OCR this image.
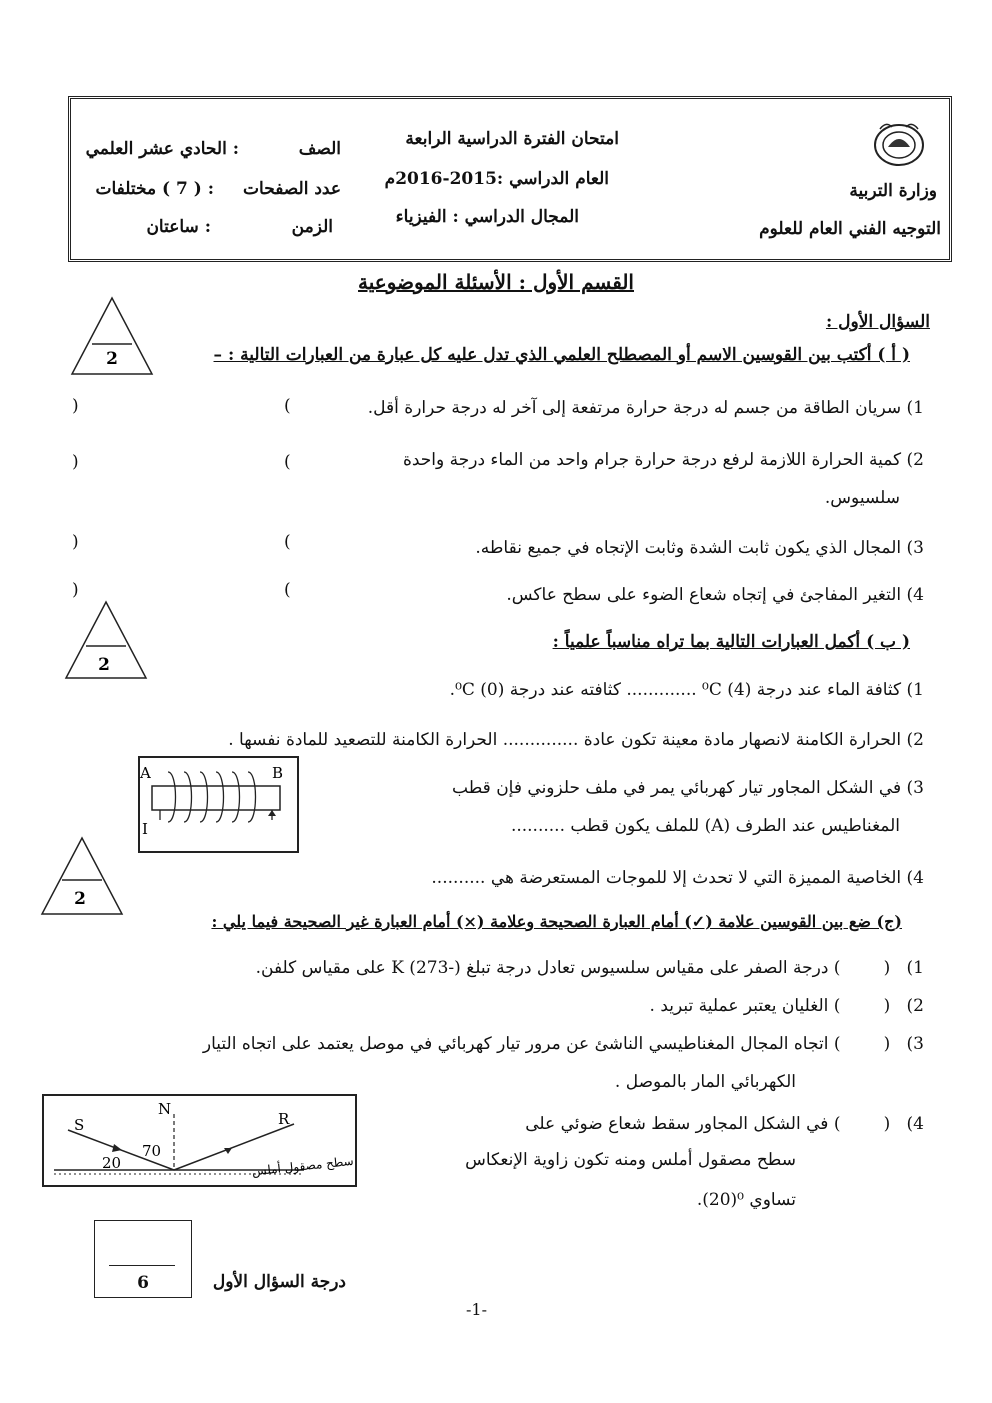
وزارة التربية
التوجيه الفني العام للعلوم
امتحان الفترة الدراسية الرابعة
العام الدراسي :2015-2016م
المجال الدراسي : الفيزياء
الصف
: الحادي عشر العلمي
عدد الصفحات
: ( 7 ) مختلفات
الزمن
: ساعتان
القسم الأول : الأسئلة الموضوعية
السؤال الأول :
2	( أ ) أكتب بين القوسين الاسم أو المصطلح العلمي الذي تدل عليه كل عبارة من العبارات التالية : –
1) سريان الطاقة من جسم له درجة حرارة مرتفعة إلى آخر له درجة حرارة أقل.
)                                      (
2) كمية الحرارة اللازمة لرفع درجة حرارة جرام واحد من الماء درجة واحدة
سلسيوس.
)                                      (
3) المجال الذي يكون ثابت الشدة وثابت الإتجاه في جميع نقاطه.
)                                      (
4) التغير المفاجئ في إتجاه شعاع الضوء على سطح عاكس.
)                                      (
2
( ب ) أكمل العبارات التالية بما تراه مناسباً علمياً :
1) كثافة الماء عند درجة ⁰C (4) ............. كثافته عند درجة ⁰C (0).
2) الحرارة الكامنة لانصهار مادة معينة تكون عادة .............. الحرارة الكامنة للتصعيد للمادة نفسها .
3) في الشكل المجاور تيار كهربائي يمر في ملف حلزوني فإن قطب
المغناطيس عند الطرف (A) للملف يكون قطب ..........
A	B
I
4) الخاصية المميزة التي لا تحدث إلا للموجات المستعرضة هي ..........
2
(ج) ضع بين القوسين علامة (✓) أمام العبارة الصحيحة وعلامة (×) أمام العبارة غير الصحيحة فيما يلي :
1)   (        ) درجة الصفر على مقياس سلسيوس تعادل درجة تبلغ K (273-) على مقياس كلفن.
2)   (        ) الغليان يعتبر عملية تبريد .
3)   (        ) اتجاه المجال المغناطيسي الناشئ عن مرور تيار كهربائي في موصل يعتمد على اتجاه التيار
الكهربائي المار بالموصل .
4)   (        ) في الشكل المجاور سقط شعاع ضوئي على
سطح مصقول أملس ومنه تكون زاوية الإنعكاس
تساوي ⁰(20).
S
N
R
70
20	سطح مصقول أملس
6	درجة السؤال الأول
-1-
